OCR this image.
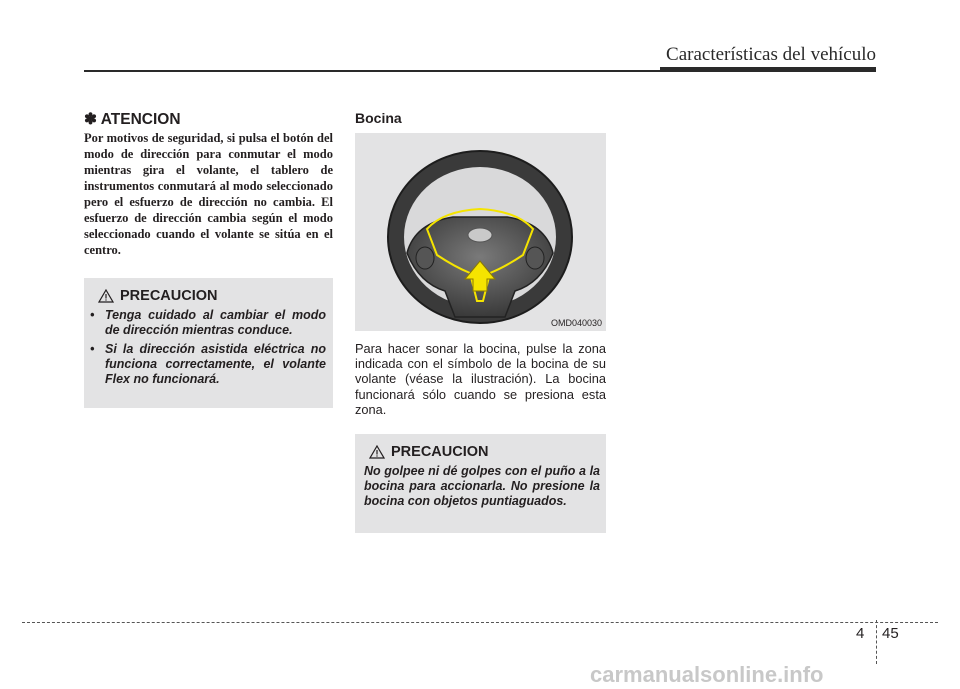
Características del vehículo
✽ ATENCION
Por motivos de seguridad, si pulsa el botón del modo de dirección para conmutar el modo mientras gira el volante, el tablero de instrumentos conmutará al modo seleccionado pero el esfuerzo de dirección no cambia. El esfuerzo de dirección cambia según el modo seleccionado cuando el volante se sitúa en el centro.
PRECAUCION
• Tenga cuidado al cambiar el modo de dirección mientras conduce.
• Si la dirección asistida eléctrica no funciona correctamente, el volante Flex no funcionará.
Bocina
OMD040030
Para hacer sonar la bocina, pulse la zona indicada con el símbolo de la bocina de su volante (véase la ilustración). La bocina funcionará sólo cuando se presiona esta zona.
PRECAUCION
No golpee ni dé golpes con el puño a la bocina para accionarla. No presione la bocina con objetos puntiaguados.
4 45
carmanualsonline.info
